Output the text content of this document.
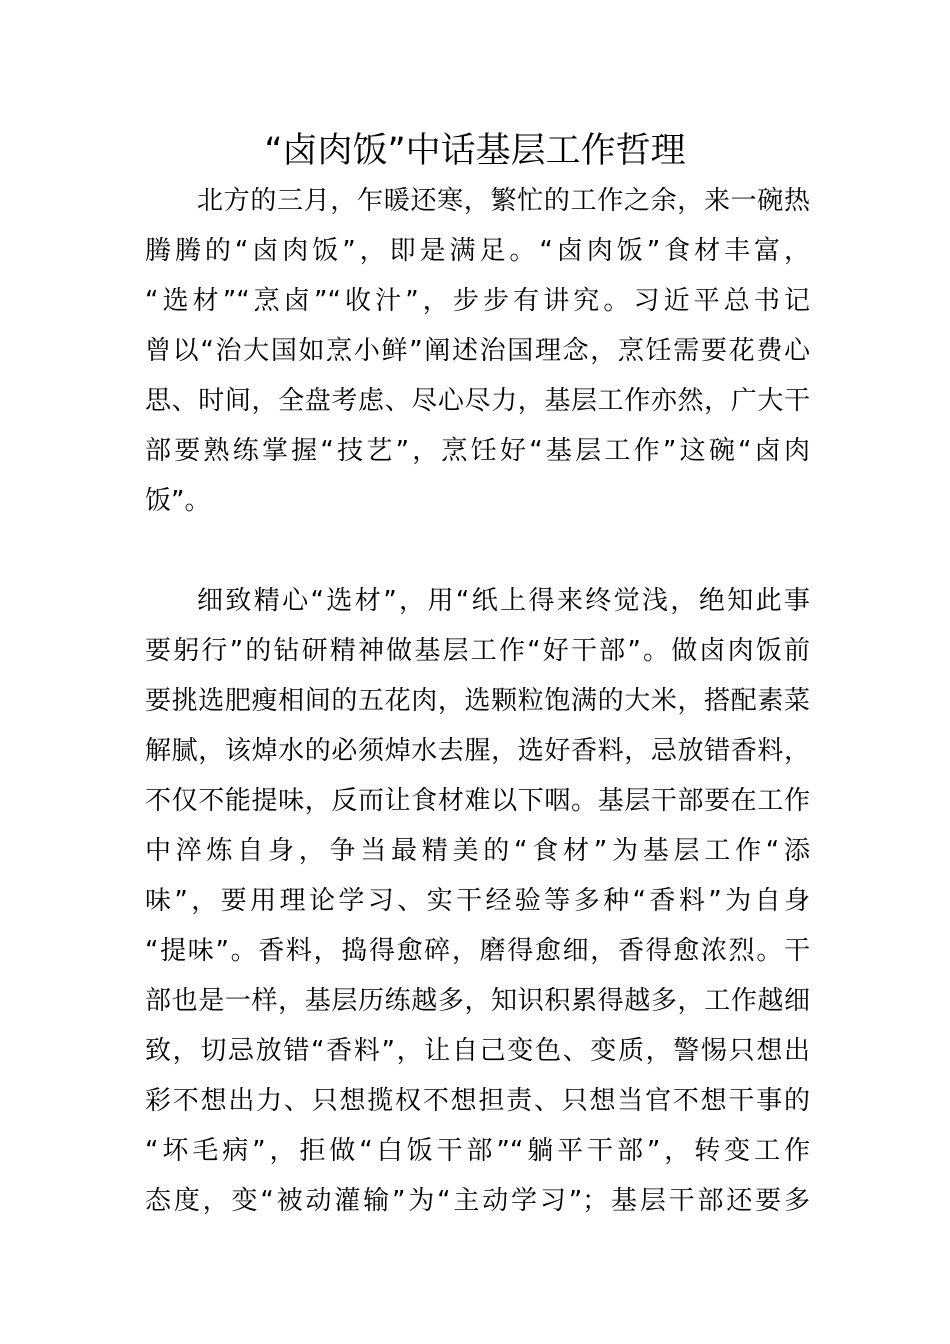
“卤肉饭”中话基层工作哲理
北方的三月，乍暖还寒，繁忙的工作之余，来一碗热
腾腾的“卤肉饭”，即是满足。“卤肉饭”食材丰富，
“选材”“烹卤”“收汁”，步步有讲究。习近平总书记
曾以“治大国如烹小鲜”阐述治国理念，烹饪需要花费心
思、时间，全盘考虑、尽心尽力，基层工作亦然，广大干
部要熟练掌握“技艺”，烹饪好“基层工作”这碗“卤肉
饭”。
细致精心“选材”，用“纸上得来终觉浅，绝知此事
要躬行”的钻研精神做基层工作“好干部”。做卤肉饭前
要挑选肥瘦相间的五花肉，选颗粒饱满的大米，搭配素菜
解腻，该焯水的必须焯水去腥，选好香料，忌放错香料，
不仅不能提味，反而让食材难以下咽。基层干部要在工作
中淬炼自身，争当最精美的“食材”为基层工作“添
味”，要用理论学习、实干经验等多种“香料”为自身
“提味”。香料，捣得愈碎，磨得愈细，香得愈浓烈。干
部也是一样，基层历练越多，知识积累得越多，工作越细
致，切忌放错“香料”，让自己变色、变质，警惕只想出
彩不想出力、只想揽权不想担责、只想当官不想干事的
“坏毛病”，拒做“白饭干部”“躺平干部”，转变工作
态度，变“被动灌输”为“主动学习”；基层干部还要多
